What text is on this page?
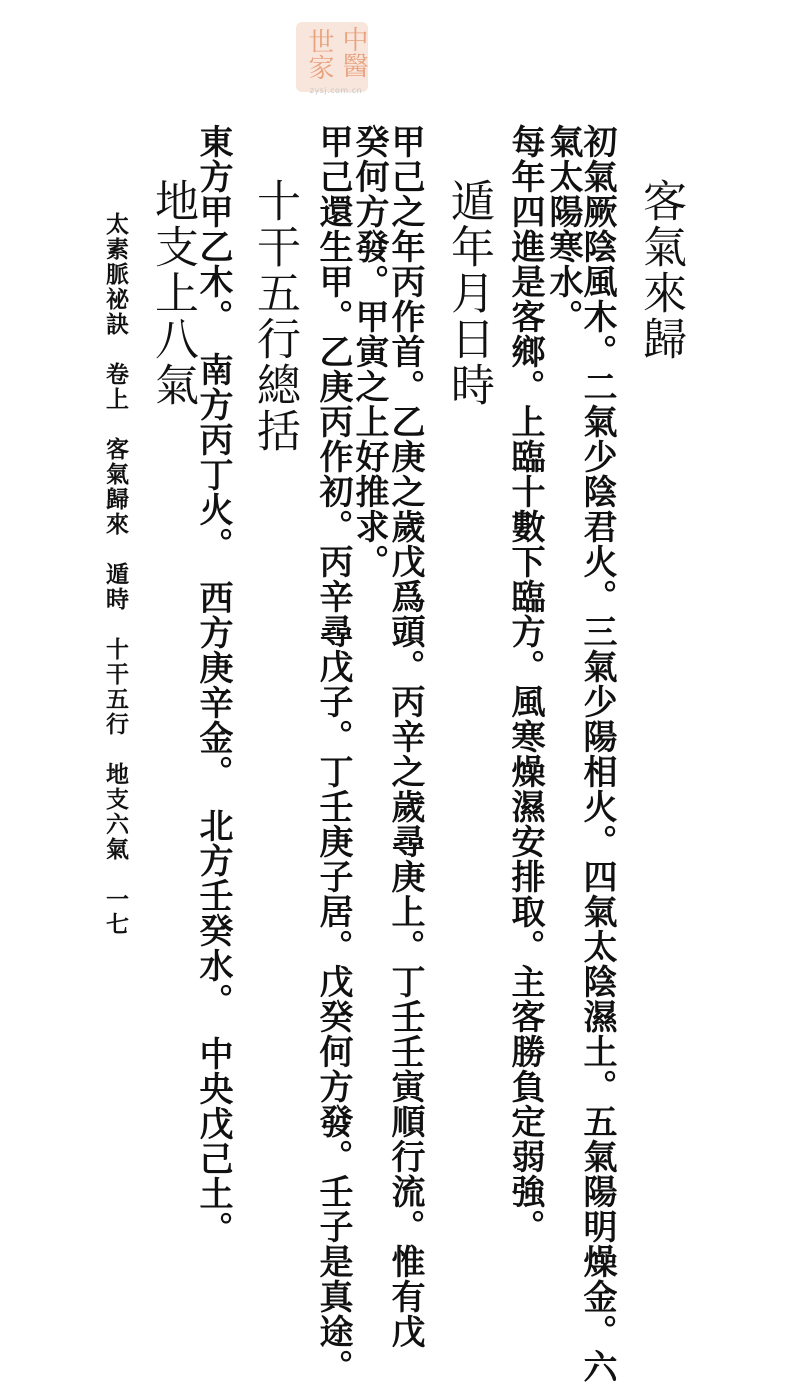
世家
中醫
zysj.com.cn
客氣來歸
初氣厥陰風木。二氣少陰君火。三氣少陽相火。四氣太陰濕土。五氣陽明燥金。六
氣太陽寒水。
每年四進是客鄉。上臨十數下臨方。風寒燥濕安排取。主客勝負定弱強。
遁年月日時
甲己之年丙作首。乙庚之歲戊爲頭。丙辛之歲尋庚上。丁壬壬寅順行流。惟有戊
癸何方發。甲寅之上好推求。
甲己還生甲。乙庚丙作初。丙辛尋戊子。丁壬庚子居。戊癸何方發。壬子是真途。
十干五行總括
東方甲乙木。　南方丙丁火。　西方庚辛金。　北方壬癸水。　中央戊己土。
地支上八氣
太素脈祕訣　卷上　客氣歸來　遁時　十干五行　地支六氣　一七
